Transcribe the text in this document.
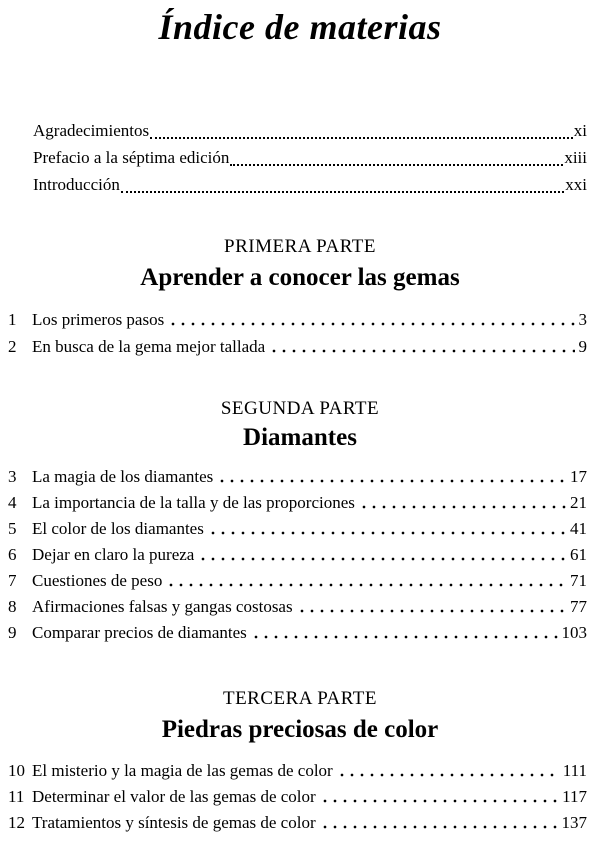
Índice de materias
Agradecimientos	xi
Prefacio a la séptima edición	xiii
Introducción	xxi
PRIMERA PARTE
Aprender a conocer las gemas
1 Los primeros pasos	3
2 En busca de la gema mejor tallada	9
SEGUNDA PARTE
Diamantes
3 La magia de los diamantes	17
4 La importancia de la talla y de las proporciones	21
5 El color de los diamantes	41
6 Dejar en claro la pureza	61
7 Cuestiones de peso	71
8 Afirmaciones falsas y gangas costosas	77
9 Comparar precios de diamantes	103
TERCERA PARTE
Piedras preciosas de color
10 El misterio y la magia de las gemas de color	111
11 Determinar el valor de las gemas de color	117
12 Tratamientos y síntesis de gemas de color	137
